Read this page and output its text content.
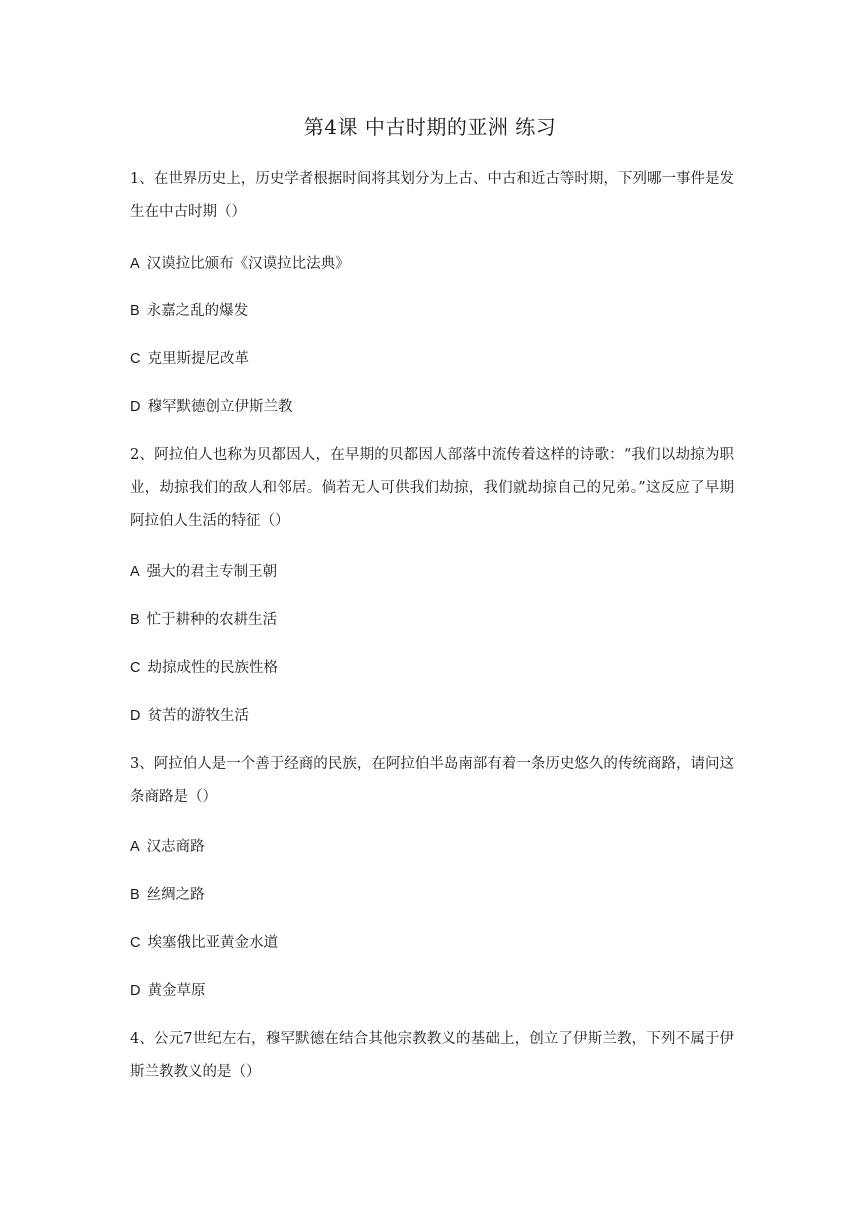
第4课 中古时期的亚洲 练习

1、在世界历史上，历史学者根据时间将其划分为上古、中古和近古等时期，下列哪一事件是发生在中古时期（）

A 汉谟拉比颁布《汉谟拉比法典》
B 永嘉之乱的爆发
C 克里斯提尼改革
D 穆罕默德创立伊斯兰教

2、阿拉伯人也称为贝都因人，在早期的贝都因人部落中流传着这样的诗歌：“我们以劫掠为职业，劫掠我们的敌人和邻居。倘若无人可供我们劫掠，我们就劫掠自己的兄弟。”这反应了早期阿拉伯人生活的特征（）

A 强大的君主专制王朝
B 忙于耕种的农耕生活
C 劫掠成性的民族性格
D 贫苦的游牧生活

3、阿拉伯人是一个善于经商的民族，在阿拉伯半岛南部有着一条历史悠久的传统商路，请问这条商路是（）

A 汉志商路
B 丝绸之路
C 埃塞俄比亚黄金水道
D 黄金草原

4、公元7世纪左右，穆罕默德在结合其他宗教教义的基础上，创立了伊斯兰教，下列不属于伊斯兰教教义的是（）
